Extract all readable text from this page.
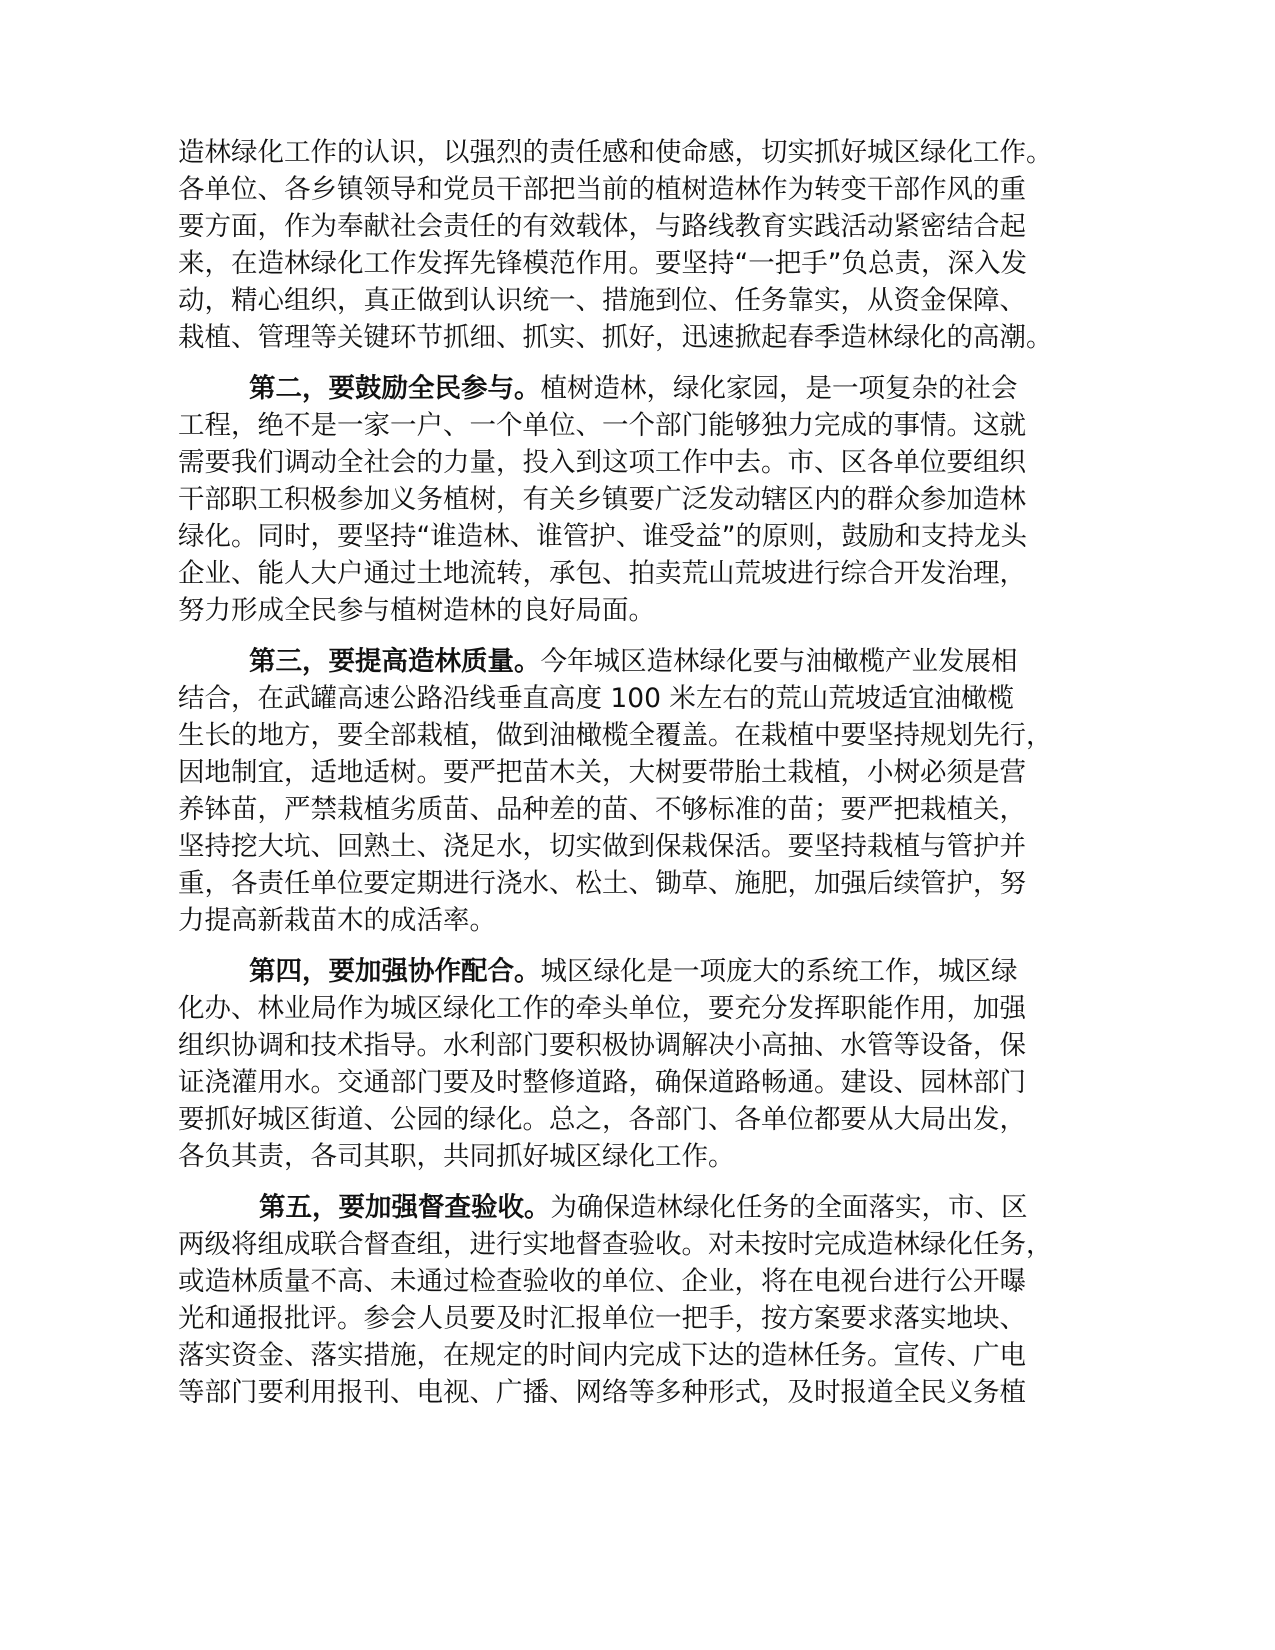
造林绿化工作的认识，以强烈的责任感和使命感，切实抓好城区绿化工作。
各单位、各乡镇领导和党员干部把当前的植树造林作为转变干部作风的重
要方面，作为奉献社会责任的有效载体，与路线教育实践活动紧密结合起
来，在造林绿化工作发挥先锋模范作用。要坚持“一把手”负总责，深入发
动，精心组织，真正做到认识统一、措施到位、任务靠实，从资金保障、
栽植、管理等关键环节抓细、抓实、抓好，迅速掀起春季造林绿化的高潮。
第二，要鼓励全民参与。植树造林，绿化家园，是一项复杂的社会
工程，绝不是一家一户、一个单位、一个部门能够独力完成的事情。这就
需要我们调动全社会的力量，投入到这项工作中去。市、区各单位要组织
干部职工积极参加义务植树，有关乡镇要广泛发动辖区内的群众参加造林
绿化。同时，要坚持“谁造林、谁管护、谁受益”的原则，鼓励和支持龙头
企业、能人大户通过土地流转，承包、拍卖荒山荒坡进行综合开发治理，
努力形成全民参与植树造林的良好局面。
第三，要提高造林质量。今年城区造林绿化要与油橄榄产业发展相
结合，在武罐高速公路沿线垂直高度 100 米左右的荒山荒坡适宜油橄榄
生长的地方，要全部栽植，做到油橄榄全覆盖。在栽植中要坚持规划先行，
因地制宜，适地适树。要严把苗木关，大树要带胎土栽植，小树必须是营
养钵苗，严禁栽植劣质苗、品种差的苗、不够标准的苗；要严把栽植关，
坚持挖大坑、回熟土、浇足水，切实做到保栽保活。要坚持栽植与管护并
重，各责任单位要定期进行浇水、松土、锄草、施肥，加强后续管护，努
力提高新栽苗木的成活率。
第四，要加强协作配合。城区绿化是一项庞大的系统工作，城区绿
化办、林业局作为城区绿化工作的牵头单位，要充分发挥职能作用，加强
组织协调和技术指导。水利部门要积极协调解决小高抽、水管等设备，保
证浇灌用水。交通部门要及时整修道路，确保道路畅通。建设、园林部门
要抓好城区街道、公园的绿化。总之，各部门、各单位都要从大局出发，
各负其责，各司其职，共同抓好城区绿化工作。
第五，要加强督查验收。为确保造林绿化任务的全面落实，市、区
两级将组成联合督查组，进行实地督查验收。对未按时完成造林绿化任务，
或造林质量不高、未通过检查验收的单位、企业，将在电视台进行公开曝
光和通报批评。参会人员要及时汇报单位一把手，按方案要求落实地块、
落实资金、落实措施，在规定的时间内完成下达的造林任务。宣传、广电
等部门要利用报刊、电视、广播、网络等多种形式，及时报道全民义务植
